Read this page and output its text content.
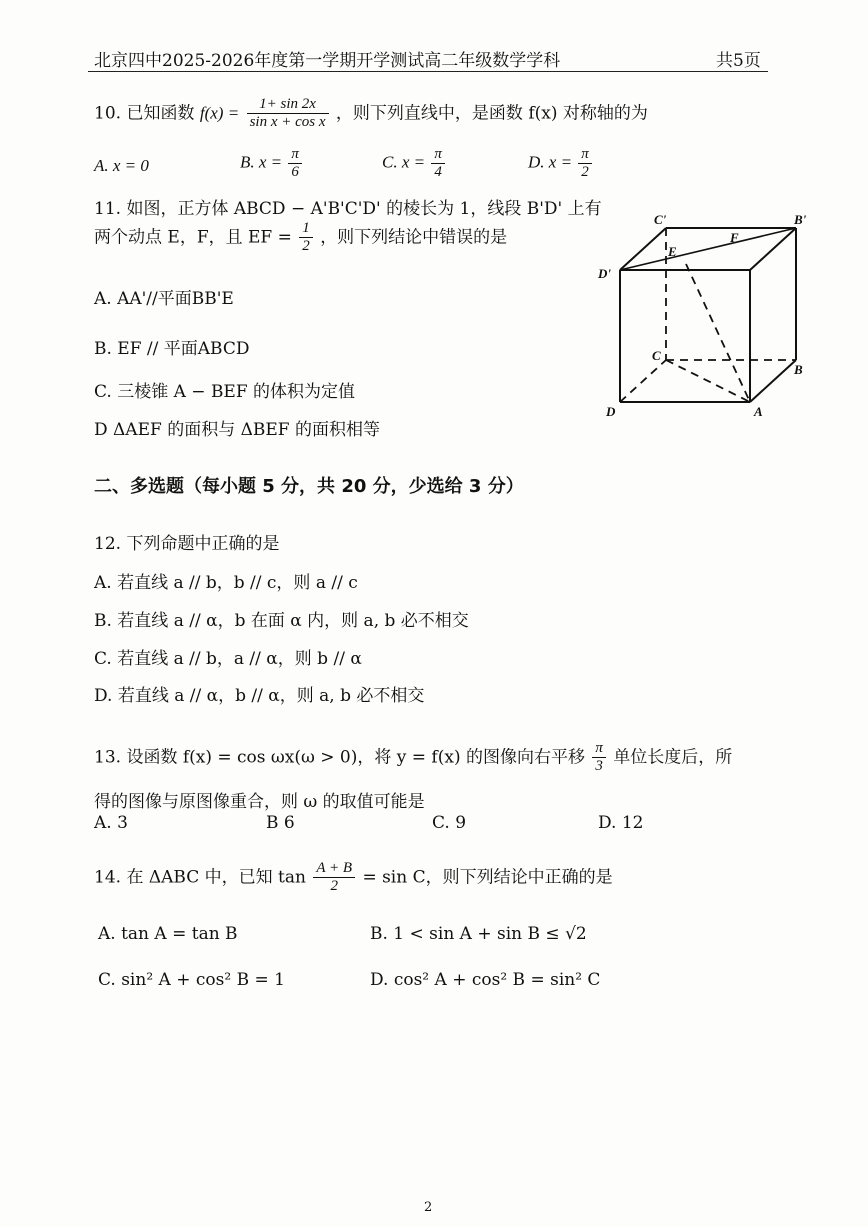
北京四中2025-2026年度第一学期开学测试高二年级数学学科	共5页
10. 已知函数 $f(x) = \frac{1+ \sin 2x}{\text{sin x + cos x}}$ ，则下列直线中，是函数 f(x) 对称轴的为
A. x = 0	B. $x = \frac{\pi}{6}$	C. $x = \frac{\pi}{4}$	D. $x = \frac{\pi}{2}$
11. 如图，正方体 ABCD − A'B'C'D' 的棱长为 1，线段 B'D' 上有
两个动点 E，F，且 EF = $\frac{1}{2}$ ，则下列结论中错误的是
A. AA'//平面BB'E
B. EF // 平面ABCD
C. 三棱锥 A − BEF 的体积为定值
D ΔAEF 的面积与 ΔBEF 的面积相等
C'	B'
D'
E
F
C
B
D	A
二、多选题（每小题 5 分，共 20 分，少选给 3 分）
12. 下列命题中正确的是
A. 若直线 a // b，b // c，则 a // c
B. 若直线 a // α，b 在面 α 内，则 a, b 必不相交
C. 若直线 a // b，a // α，则 b // α
D. 若直线 a // α，b // α，则 a, b 必不相交
13. 设函数 f(x) = cos ωx(ω > 0)，将 y = f(x) 的图像向右平移 $\frac{\pi}{3}$ 单位长度后，所
得的图像与原图像重合，则 ω 的取值可能是
A. 3	B 6	C. 9	D. 12
14. 在 ΔABC 中，已知 $\tan \frac{A + B}{2} = \sin C$，则下列结论中正确的是
A. tan A = tan B	B. 1 < sin A + sin B ≤ √2
C. sin² A + cos² B = 1	D. cos² A + cos² B = sin² C
2
